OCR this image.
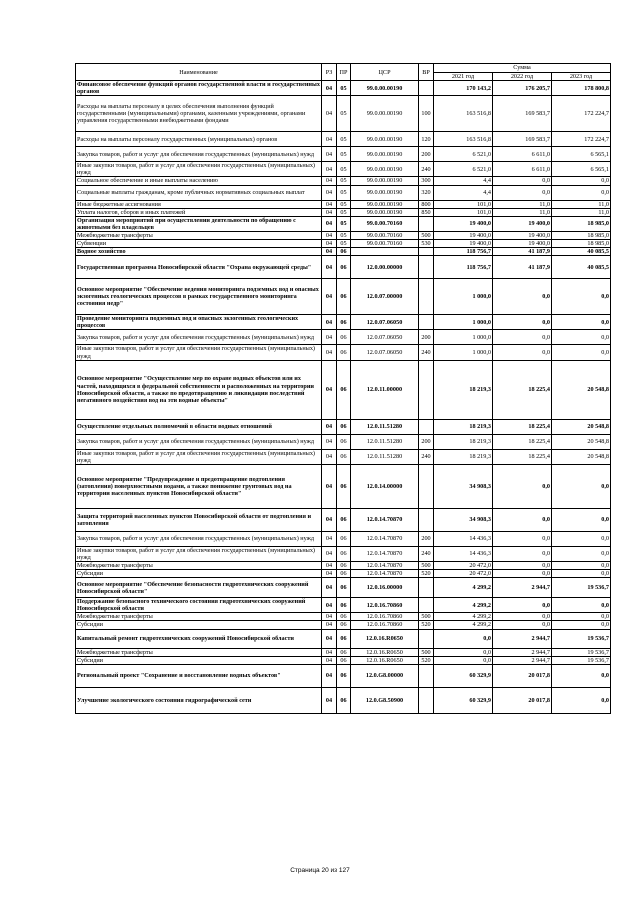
Наименование	РЗ	ПР	ЦСР	ВР	Сумма		
					2021 год	2022 год	2023 год
Финансовое обеспечение функций органов государственной власти и государственных органов	04	05	99.0.00.00190		170 143,2	176 205,7	178 800,8
Расходы на выплаты персоналу в целях обеспечения выполнения функций государственными (муниципальными) органами, казенными учреждениями, органами управления государственными внебюджетными фондами	04	05	99.0.00.00190	100	163 516,8	169 583,7	172 224,7
Расходы на выплаты персоналу государственных (муниципальных) органов	04	05	99.0.00.00190	120	163 516,8	169 583,7	172 224,7
Закупка товаров, работ и услуг для обеспечения государственных (муниципальных) нужд	04	05	99.0.00.00190	200	6 521,0	6 611,0	6 565,1
Иные закупки товаров, работ и услуг для обеспечения государственных (муниципальных) нужд	04	05	99.0.00.00190	240	6 521,0	6 611,0	6 565,1
Социальное обеспечение и иные выплаты населению	04	05	99.0.00.00190	300	4,4	0,0	0,0
Социальные выплаты гражданам, кроме публичных нормативных социальных выплат	04	05	99.0.00.00190	320	4,4	0,0	0,0
Иные бюджетные ассигнования	04	05	99.0.00.00190	800	101,0	11,0	11,0
Уплата налогов, сборов и иных платежей	04	05	99.0.00.00190	850	101,0	11,0	11,0
Организация мероприятий при осуществлении деятельности по обращению с животными без владельцев	04	05	99.0.00.70160		19 400,0	19 400,0	18 985,0
Межбюджетные трансферты	04	05	99.0.00.70160	500	19 400,0	19 400,0	18 985,0
Субвенции	04	05	99.0.00.70160	530	19 400,0	19 400,0	18 985,0
Водное хозяйство	04	06			118 756,7	41 187,9	40 085,5
Государственная программа Новосибирской области "Охрана окружающей среды"	04	06	12.0.00.00000		118 756,7	41 187,9	40 085,5
Основное мероприятие "Обеспечение ведения мониторинга подземных вод и опасных экзогенных геологических процессов в рамках государственного мониторинга состояния недр"	04	06	12.0.07.00000		1 000,0	0,0	0,0
Проведение мониторинга подземных вод и опасных экзогенных геологических процессов	04	06	12.0.07.06050		1 000,0	0,0	0,0
Закупка товаров, работ и услуг для обеспечения государственных (муниципальных) нужд	04	06	12.0.07.06050	200	1 000,0	0,0	0,0
Иные закупки товаров, работ и услуг для обеспечения государственных (муниципальных) нужд	04	06	12.0.07.06050	240	1 000,0	0,0	0,0
Основное мероприятие "Осуществление мер по охране водных объектов или их частей, находящихся в федеральной собственности и расположенных на территории Новосибирской области, а также по предотвращению и ликвидации последствий негативного воздействия вод на эти водные объекты"	04	06	12.0.11.00000		18 219,3	18 225,4	20 548,8
Осуществление отдельных полномочий в области водных отношений	04	06	12.0.11.51280		18 219,3	18 225,4	20 548,8
Закупка товаров, работ и услуг для обеспечения государственных (муниципальных) нужд	04	06	12.0.11.51280	200	18 219,3	18 225,4	20 548,8
Иные закупки товаров, работ и услуг для обеспечения государственных (муниципальных) нужд	04	06	12.0.11.51280	240	18 219,3	18 225,4	20 548,8
Основное мероприятие "Предупреждение и предотвращение подтопления (затопления) поверхностными водами, а также понижение грунтовых вод на территории населенных пунктов Новосибирской области"	04	06	12.0.14.00000		34 908,3	0,0	0,0
Защита территорий населенных пунктов Новосибирской области от подтопления и затопления	04	06	12.0.14.70870		34 908,3	0,0	0,0
Закупка товаров, работ и услуг для обеспечения государственных (муниципальных) нужд	04	06	12.0.14.70870	200	14 436,3	0,0	0,0
Иные закупки товаров, работ и услуг для обеспечения государственных (муниципальных) нужд	04	06	12.0.14.70870	240	14 436,3	0,0	0,0
Межбюджетные трансферты	04	06	12.0.14.70870	500	20 472,0	0,0	0,0
Субсидии	04	06	12.0.14.70870	520	20 472,0	0,0	0,0
Основное мероприятие "Обеспечение безопасности гидротехнических сооружений Новосибирской области"	04	06	12.0.16.00000		4 299,2	2 944,7	19 536,7
Поддержание безопасного технического состояния гидротехнических сооружений Новосибирской области	04	06	12.0.16.70860		4 299,2	0,0	0,0
Межбюджетные трансферты	04	06	12.0.16.70860	500	4 299,2	0,0	0,0
Субсидии	04	06	12.0.16.70860	520	4 299,2	0,0	0,0
Капитальный ремонт гидротехнических сооружений Новосибирской области	04	06	12.0.16.R0650		0,0	2 944,7	19 536,7
Межбюджетные трансферты	04	06	12.0.16.R0650	500	0,0	2 944,7	19 536,7
Субсидии	04	06	12.0.16.R0650	520	0,0	2 944,7	19 536,7
Региональный проект "Сохранение и восстановление водных объектов"	04	06	12.0.G8.00000		60 329,9	20 017,8	0,0
Улучшение экологического состояния гидрографической сети	04	06	12.0.G8.50900		60 329,9	20 017,8	0,0
Страница 20 из 127
